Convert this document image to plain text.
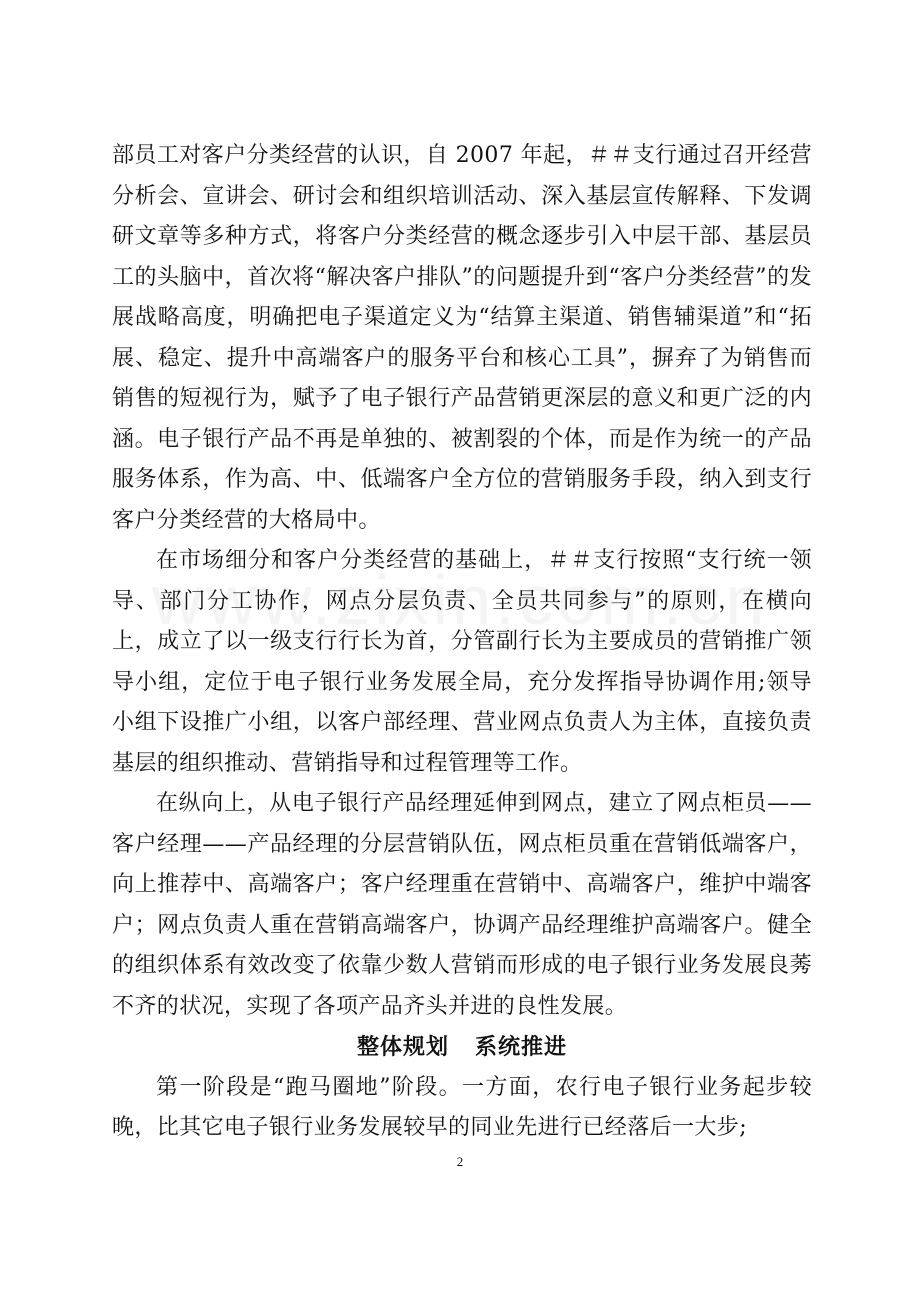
部员工对客户分类经营的认识，自 2007 年起，＃＃支行通过召开经营分析会、宣讲会、研讨会和组织培训活动、深入基层宣传解释、下发调研文章等多种方式，将客户分类经营的概念逐步引入中层干部、基层员工的头脑中，首次将“解决客户排队”的问题提升到“客户分类经营”的发展战略高度，明确把电子渠道定义为“结算主渠道、销售辅渠道”和“拓展、稳定、提升中高端客户的服务平台和核心工具”，摒弃了为销售而销售的短视行为，赋予了电子银行产品营销更深层的意义和更广泛的内涵。电子银行产品不再是单独的、被割裂的个体，而是作为统一的产品服务体系，作为高、中、低端客户全方位的营销服务手段，纳入到支行客户分类经营的大格局中。

在市场细分和客户分类经营的基础上，＃＃支行按照“支行统一领导、部门分工协作，网点分层负责、全员共同参与”的原则，在横向上，成立了以一级支行行长为首，分管副行长为主要成员的营销推广领导小组，定位于电子银行业务发展全局，充分发挥指导协调作用;领导小组下设推广小组，以客户部经理、营业网点负责人为主体，直接负责基层的组织推动、营销指导和过程管理等工作。

在纵向上，从电子银行产品经理延伸到网点，建立了网点柜员——客户经理——产品经理的分层营销队伍，网点柜员重在营销低端客户，向上推荐中、高端客户；客户经理重在营销中、高端客户，维护中端客户；网点负责人重在营销高端客户，协调产品经理维护高端客户。健全的组织体系有效改变了依靠少数人营销而形成的电子银行业务发展良莠不齐的状况，实现了各项产品齐头并进的良性发展。

整体规划   系统推进

第一阶段是“跑马圈地”阶段。一方面，农行电子银行业务起步较晚，比其它电子银行业务发展较早的同业先进行已经落后一大步;

2
